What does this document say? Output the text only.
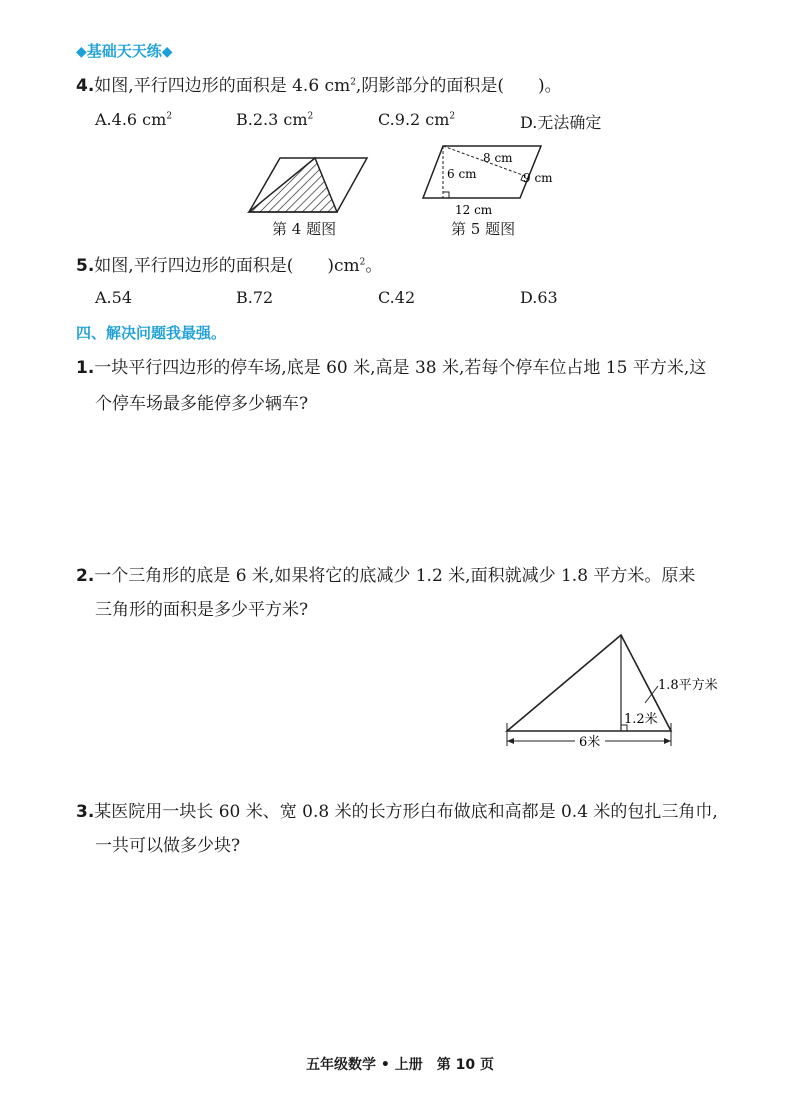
◆基础天天练◆
4.如图,平行四边形的面积是 4.6 $cm^2$,阴影部分的面积是(　　)。
A.4.6 $cm^2$	B.2.3 $cm^2$	C.9.2 $cm^2$	D.无法确定
第 4 题图
8 cm
6 cm	9 cm
12 cm
第 5 题图
5.如图,平行四边形的面积是(　　)$cm^2$。
A.54	B.72	C.42	D.63
四、解决问题我最强。
1.一块平行四边形的停车场,底是 60 米,高是 38 米,若每个停车位占地 15 平方米,这
个停车场最多能停多少辆车?
2.一个三角形的底是 6 米,如果将它的底减少 1.2 米,面积就减少 1.8 平方米。原来
三角形的面积是多少平方米?
1.8平方米
1.2米
6米
3.某医院用一块长 60 米、宽 0.8 米的长方形白布做底和高都是 0.4 米的包扎三角巾,
一共可以做多少块?
五年级数学 • 上册　第 10 页
